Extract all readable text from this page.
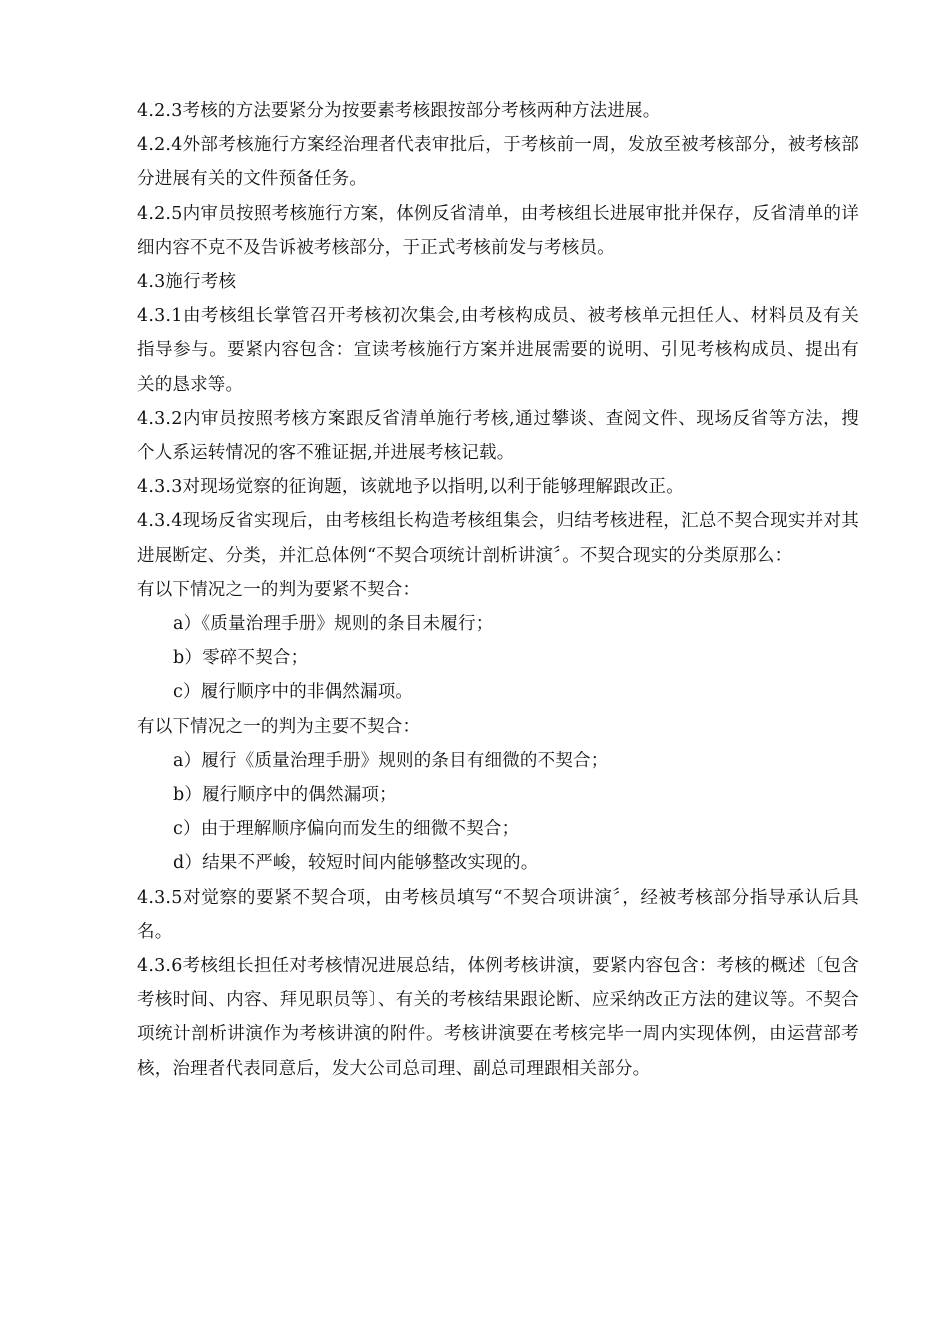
4.2.3考核的方法要紧分为按要素考核跟按部分考核两种方法进展。

4.2.4外部考核施行方案经治理者代表审批后，于考核前一周，发放至被考核部分，被考核部分进展有关的文件预备任务。

4.2.5内审员按照考核施行方案，体例反省清单，由考核组长进展审批并保存，反省清单的详细内容不克不及告诉被考核部分，于正式考核前发与考核员。

4.3施行考核

4.3.1由考核组长掌管召开考核初次集会,由考核构成员、被考核单元担任人、材料员及有关指导参与。要紧内容包含：宣读考核施行方案并进展需要的说明、引见考核构成员、提出有关的恳求等。

4.3.2内审员按照考核方案跟反省清单施行考核,通过攀谈、查阅文件、现场反省等方法，搜个人系运转情况的客不雅证据,并进展考核记载。

4.3.3对现场觉察的征询题，该就地予以指明,以利于能够理解跟改正。

4.3.4现场反省实现后，由考核组长构造考核组集会，归结考核进程，汇总不契合现实并对其进展断定、分类，并汇总体例“不契合项统计剖析讲演〞。不契合现实的分类原那么：

有以下情况之一的判为要紧不契合：

a）《质量治理手册》规则的条目未履行；

b）零碎不契合；

c）履行顺序中的非偶然漏项。

有以下情况之一的判为主要不契合：

a）履行《质量治理手册》规则的条目有细微的不契合；

b）履行顺序中的偶然漏项；

c）由于理解顺序偏向而发生的细微不契合；

d）结果不严峻，较短时间内能够整改实现的。

4.3.5对觉察的要紧不契合项，由考核员填写“不契合项讲演〞，经被考核部分指导承认后具名。

4.3.6考核组长担任对考核情况进展总结，体例考核讲演，要紧内容包含：考核的概述〔包含考核时间、内容、拜见职员等〕、有关的考核结果跟论断、应采纳改正方法的建议等。不契合项统计剖析讲演作为考核讲演的附件。考核讲演要在考核完毕一周内实现体例，由运营部考核，治理者代表同意后，发大公司总司理、副总司理跟相关部分。
